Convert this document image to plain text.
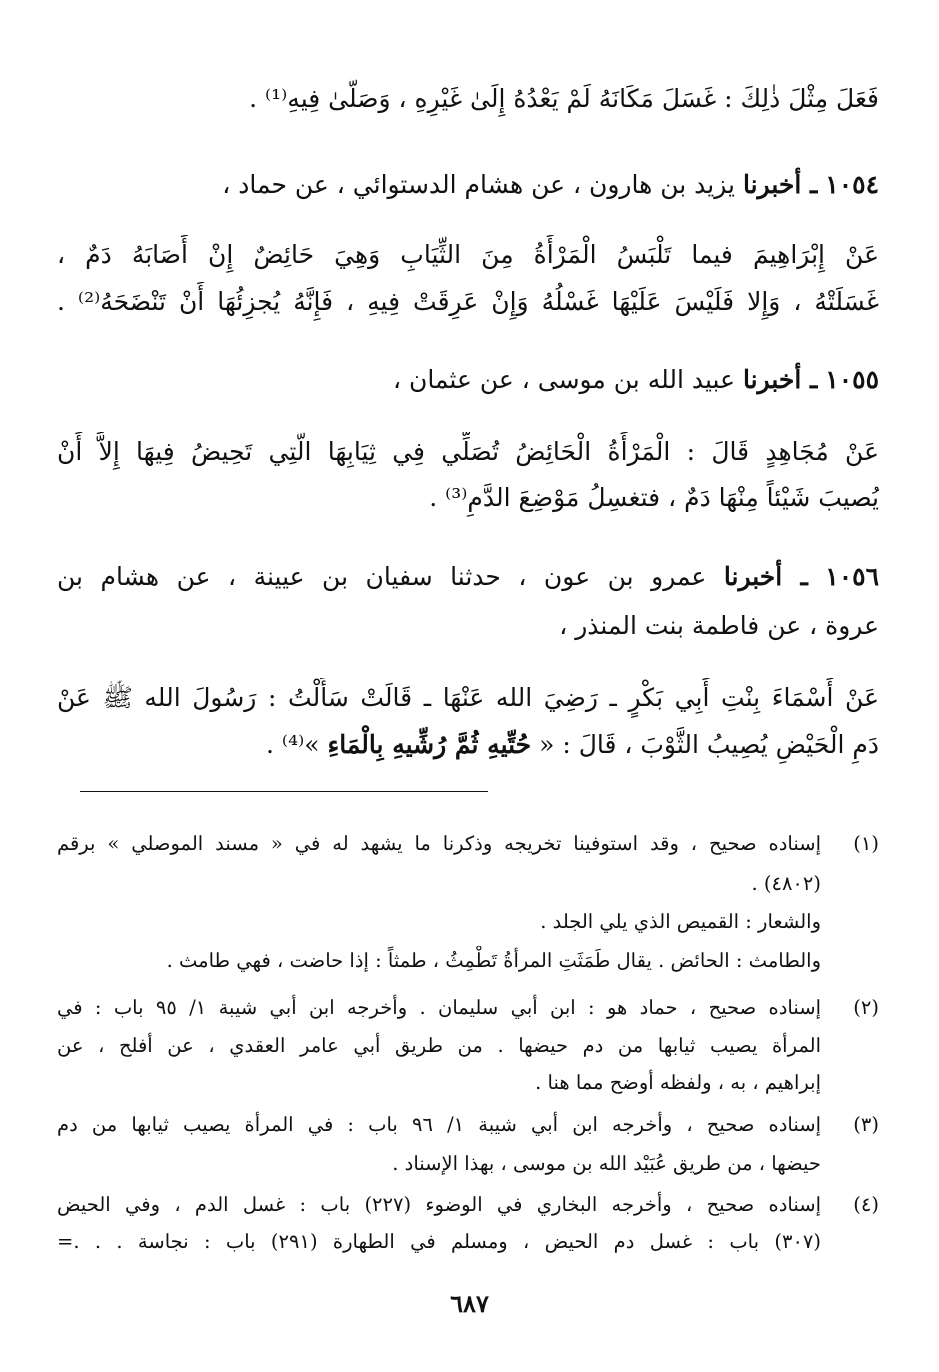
فَعَلَ مِثْلَ ذٰلِكَ : غَسَلَ مَكَانَهُ لَمْ يَعْدُهُ إِلَىٰ غَيْرِهِ ، وَصَلَّىٰ فِيهِ⁽¹⁾ .
١٠٥٤ ـ أخبرنا يزيد بن هارون ، عن هشام الدستوائي ، عن حماد ،
عَنْ إِبْرَاهِيمَ فيما تَلْبَسُ الْمَرْأَةُ مِنَ الثِّيَابِ وَهِيَ حَائِضٌ إِنْ أَصَابَهُ دَمٌ ،
غَسَلَتْهُ ، وَإِلا فَلَيْسَ عَلَيْهَا غَسْلُهُ وَإِنْ عَرِقَتْ فِيهِ ، فَإِنَّهُ يُجزِئُهَا أَنْ تَنْضَحَهُ⁽²⁾ .
١٠٥٥ ـ أخبرنا عبيد الله بن موسى ، عن عثمان ،
عَنْ مُجَاهِدٍ قَالَ : الْمَرْأَةُ الْحَائِضُ تُصَلِّي فِي ثِيَابِهَا الَّتِي تَحِيضُ فِيهَا إِلاَّ أَنْ
يُصيبَ شَيْئاً مِنْهَا دَمٌ ، فتغسِلُ مَوْضِعَ الدَّمِ⁽³⁾ .
١٠٥٦ ـ أخبرنا عمرو بن عون ، حدثنا سفيان بن عيينة ، عن هشام بن
عروة ، عن فاطمة بنت المنذر ،
عَنْ أَسْمَاءَ بِنْتِ أَبِي بَكْرٍ ـ رَضِيَ الله عَنْهَا ـ قَالَتْ سَأَلْتُ : رَسُولَ الله ﷺ عَنْ
دَمِ الْحَيْضِ يُصِيبُ الثَّوْبَ ، قَالَ : « حُتِّيهِ ثُمَّ رُشِّيهِ بِالْمَاءِ »⁽⁴⁾ .
(١)
إسناده صحيح ، وقد استوفينا تخريجه وذكرنا ما يشهد له في « مسند الموصلي » برقم
(٤٨٠٢) .
والشعار : القميص الذي يلي الجلد .
والطامث : الحائض . يقال طَمَثَتِ المرأةُ تَطْمِثُ ، طمثاً : إذا حاضت ، فهي طامث .
(٢)
إسناده صحيح ، حماد هو : ابن أبي سليمان . وأخرجه ابن أبي شيبة ١/ ٩٥ باب : في
المرأة يصيب ثيابها من دم حيضها . من طريق أبي عامر العقدي ، عن أفلح ، عن
إبراهيم ، به ، ولفظه أوضح مما هنا .
(٣)
إسناده صحيح ، وأخرجه ابن أبي شيبة ١/ ٩٦ باب : في المرأة يصيب ثيابها من دم
حيضها ، من طريق عُبَيْد الله بن موسى ، بهذا الإسناد .
(٤)
إسناده صحيح ، وأخرجه البخاري في الوضوء (٢٢٧) باب : غسل الدم ، وفي الحيض
(٣٠٧) باب : غسل دم الحيض ، ومسلم في الطهارة (٢٩١) باب : نجاسة . . .=
٦٨٧
